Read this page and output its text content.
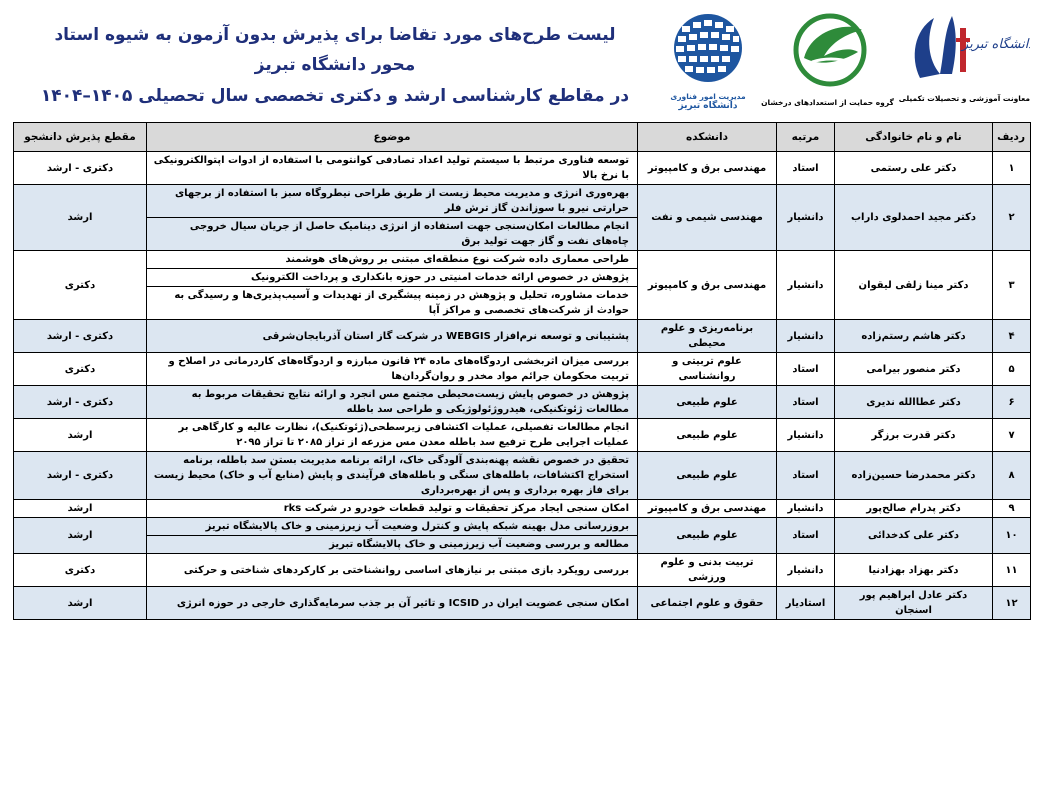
لیست طرح‌های مورد تقاضا برای پذیرش بدون آزمون به شیوه استاد محور دانشگاه تبریز
در مقاطع کارشناسی ارشد و دکتری تخصصی سال تحصیلی ۱۴۰۵–۱۴۰۴	مدیریت امور فناوری
دانشگاه تبریز	گروه حمایت از استعدادهای درخشان
دانشگاه تبریز
معاونت آموزشی و تحصیلات تکمیلی
ردیف	نام و نام خانوادگی	مرتبه	دانشکده	موضوع	مقطع پذیرش دانشجو
۱	دکتر علی رستمی	استاد	مهندسی برق و کامپیوتر	توسعه فناوری مرتبط با سیستم تولید اعداد تصادفی کوانتومی با استفاده از ادوات اپتوالکترونیکی با نرخ بالا	دکتری - ارشد
۲	دکتر مجید احمدلوی داراب	دانشیار	مهندسی شیمی و نفت	بهره‌وری انرژی و مدیریت محیط زیست از طریق طراحی نیطروگاه سبز با استفاده از برجهای حرارتی نیرو با سوزاندن گاز ترش فلر	ارشد
				انجام مطالعات امکان‌سنجی جهت استفاده از انرژی دینامیک حاصل از جریان سیال خروجی چاه‌های نفت و گاز جهت تولید برق	
۳	دکتر مینا زلقی لیقوان	دانشیار	مهندسی برق و کامپیوتر	طراحی معماری داده شرکت نوع منطقه‌ای مبتنی بر روش‌های هوشمند	دکتری
				پژوهش در خصوص ارائه خدمات امنیتی در حوزه بانکداری و پرداخت الکترونیک	
				خدمات مشاوره، تحلیل و پژوهش در زمینه پیشگیری از تهدیدات و آسیب‌پذیری‌ها و رسیدگی به حوادث از شرکت‌های تخصصی و مراکز آپا	
۴	دکتر هاشم رستم‌زاده	دانشیار	برنامه‌ریزی و علوم محیطی	پشتیبانی و توسعه نرم‌افزار WEBGIS در شرکت گاز استان آذربایجان‌شرقی	دکتری - ارشد
۵	دکتر منصور بیرامی	استاد	علوم تربیتی و روانشناسی	بررسی میزان اثربخشی اردوگاه‌های ماده ۲۴ قانون مبارزه و اردوگاه‌های کاردرمانی در اصلاح و تربیت محکومان جرائم مواد مخدر و روان‌گردان‌ها	دکتری
۶	دکتر عطاالله ندیری	استاد	علوم طبیعی	پژوهش در خصوص پایش زیست‌محیطی مجتمع مس انجرد و ارائه نتایج تحقیقات مربوط به مطالعات ژئوتکنیکی، هیدروژئولوژیکی و طراحی سد باطله	دکتری - ارشد
۷	دکتر قدرت برزگر	دانشیار	علوم طبیعی	انجام مطالعات تفصیلی، عملیات اکتشافی زیرسطحی(ژئوتکنیک)، نظارت عالیه و کارگاهی بر عملیات اجرایی طرح ترفیع سد باطله معدن مس مزرعه از تراز ۲۰۸۵ تا تراز ۲۰۹۵	ارشد
۸	دکتر محمدرضا حسین‌زاده	استاد	علوم طبیعی	تحقیق در خصوص نقشه پهنه‌بندی آلودگی خاک، ارائه برنامه مدیریت بستن سد باطله، برنامه استخراج اکتشافات، باطله‌های سنگی و باطله‌های فرآیندی و پایش (منابع آب و خاک) محیط زیست برای فاز بهره برداری و پس از بهره‌برداری	دکتری - ارشد
۹	دکتر پدرام صالح‌پور	دانشیار	مهندسی برق و کامپیوتر	امکان سنجی ایجاد مرکز تحقیقات و تولید قطعات خودرو در شرکت rks	ارشد
۱۰	دکتر علی کدخدائی	استاد	علوم طبیعی	بروزرسانی مدل بهینه شبکه پایش و کنترل وضعیت آب زیرزمینی و خاک پالایشگاه تبریز	ارشد
				مطالعه و بررسی وضعیت آب زیرزمینی و خاک پالایشگاه تبریز	
۱۱	دکتر بهزاد بهزادنیا	دانشیار	تربیت بدنی و علوم ورزشی	بررسی رویکرد بازی مبتنی بر نیازهای اساسی روانشناختی بر کارکردهای شناختی و حرکتی	دکتری
۱۲	دکتر عادل ابراهیم پور اسنجان	استادیار	حقوق و علوم اجتماعی	امکان سنجی عضویت ایران در ICSID و تاثیر آن بر جذب سرمایه‌گذاری خارجی در حوزه انرژی	ارشد
